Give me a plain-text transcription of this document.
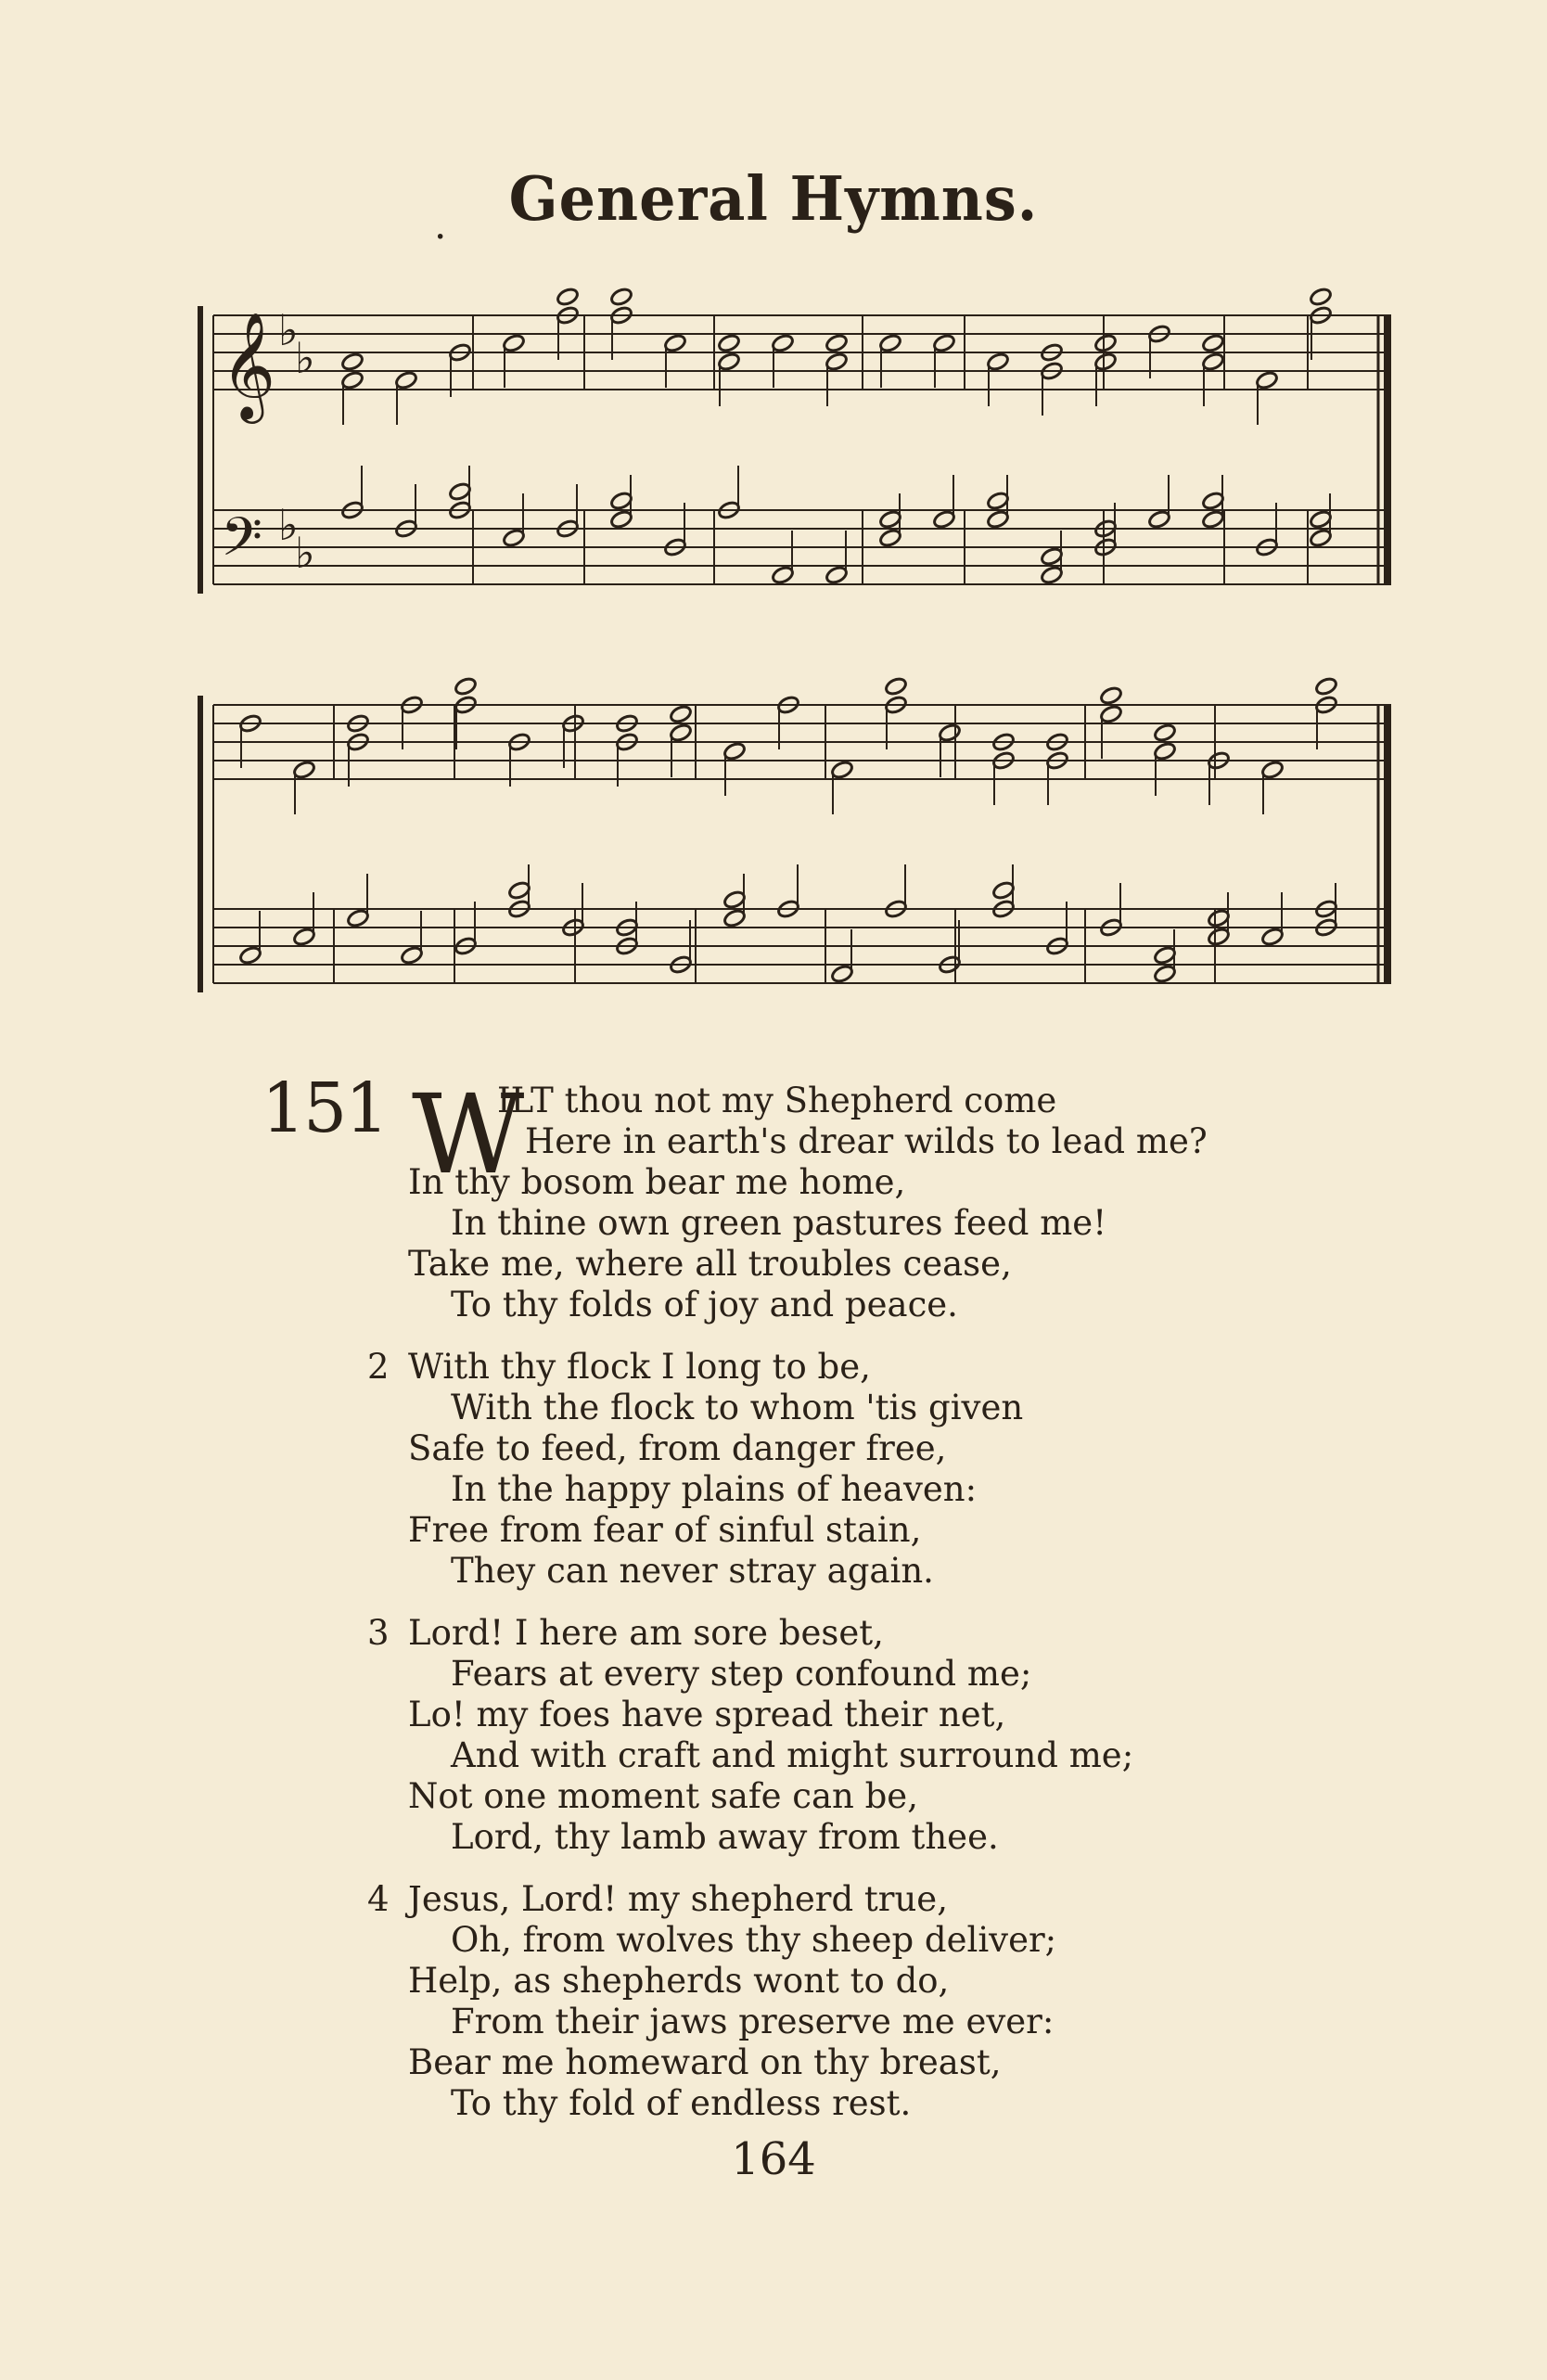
.	General Hymns.
𝄞
𝄢
♭
♭
♭
♭
151 W
ILT thou not my Shepherd come
Here in earth's drear wilds to lead me?
In thy bosom bear me home,
In thine own green pastures feed me!
Take me, where all troubles cease,
To thy folds of joy and peace.
2 With thy flock I long to be,
With the flock to whom 'tis given
Safe to feed, from danger free,
In the happy plains of heaven:
Free from fear of sinful stain,
They can never stray again.
3 Lord! I here am sore beset,
Fears at every step confound me;
Lo! my foes have spread their net,
And with craft and might surround me;
Not one moment safe can be,
Lord, thy lamb away from thee.
4 Jesus, Lord! my shepherd true,
Oh, from wolves thy sheep deliver;
Help, as shepherds wont to do,
From their jaws preserve me ever:
Bear me homeward on thy breast,
To thy fold of endless rest.
164
